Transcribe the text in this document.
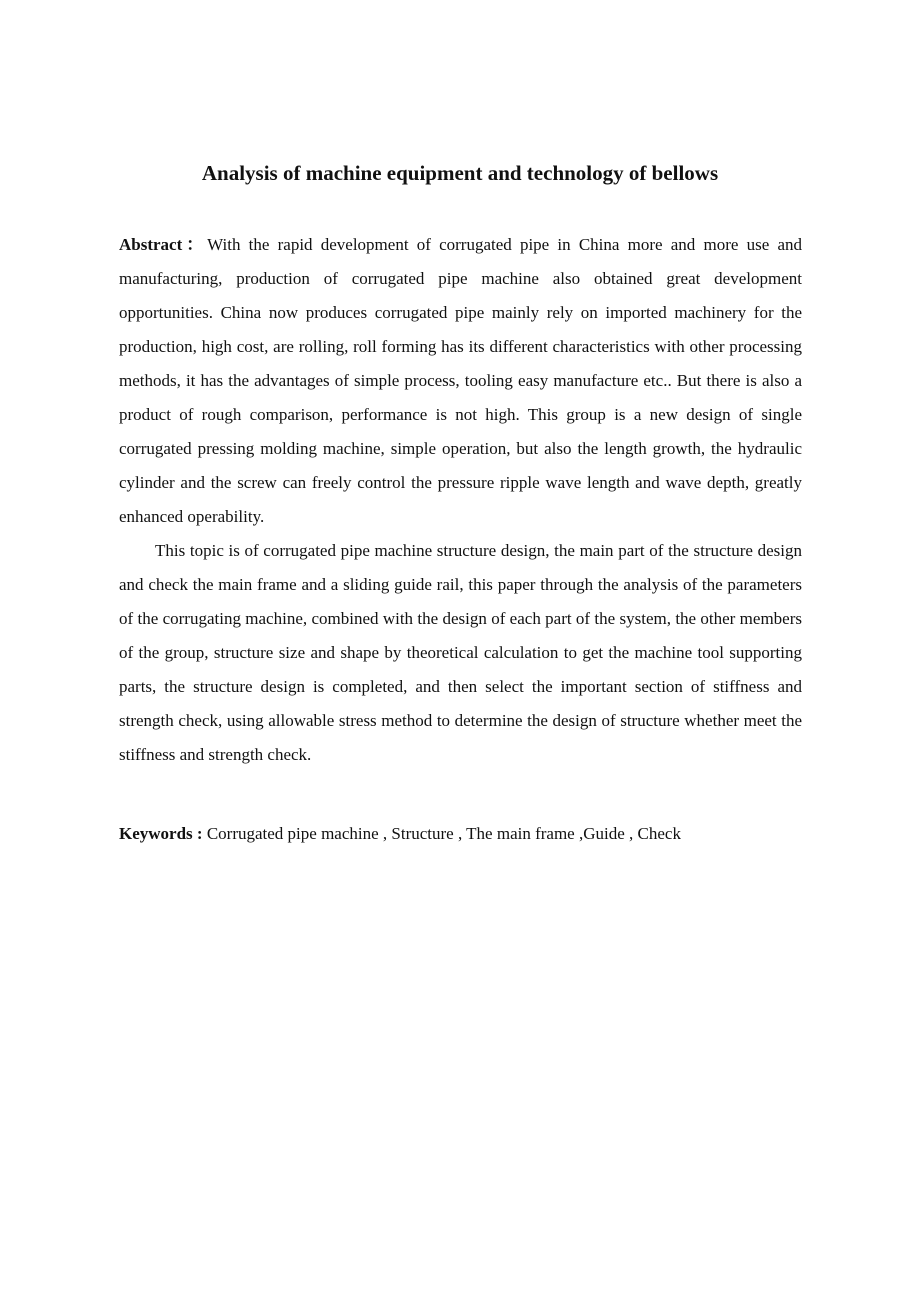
Analysis of machine equipment and technology of bellows

Abstract：With the rapid development of corrugated pipe in China more and more use and manufacturing, production of corrugated pipe machine also obtained great development opportunities. China now produces corrugated pipe mainly rely on imported machinery for the production, high cost, are rolling, roll forming has its different characteristics with other processing methods, it has the advantages of simple process, tooling easy manufacture etc.. But there is also a product of rough comparison, performance is not high. This group is a new design of single corrugated pressing molding machine, simple operation, but also the length growth, the hydraulic cylinder and the screw can freely control the pressure ripple wave length and wave depth, greatly enhanced operability.

This topic is of corrugated pipe machine structure design, the main part of the structure design and check the main frame and a sliding guide rail, this paper through the analysis of the parameters of the corrugating machine, combined with the design of each part of the system, the other members of the group, structure size and shape by theoretical calculation to get the machine tool supporting parts, the structure design is completed, and then select the important section of stiffness and strength check, using allowable stress method to determine the design of structure whether meet the stiffness and strength check.

Keywords : Corrugated pipe machine , Structure , The main frame ,Guide , Check
